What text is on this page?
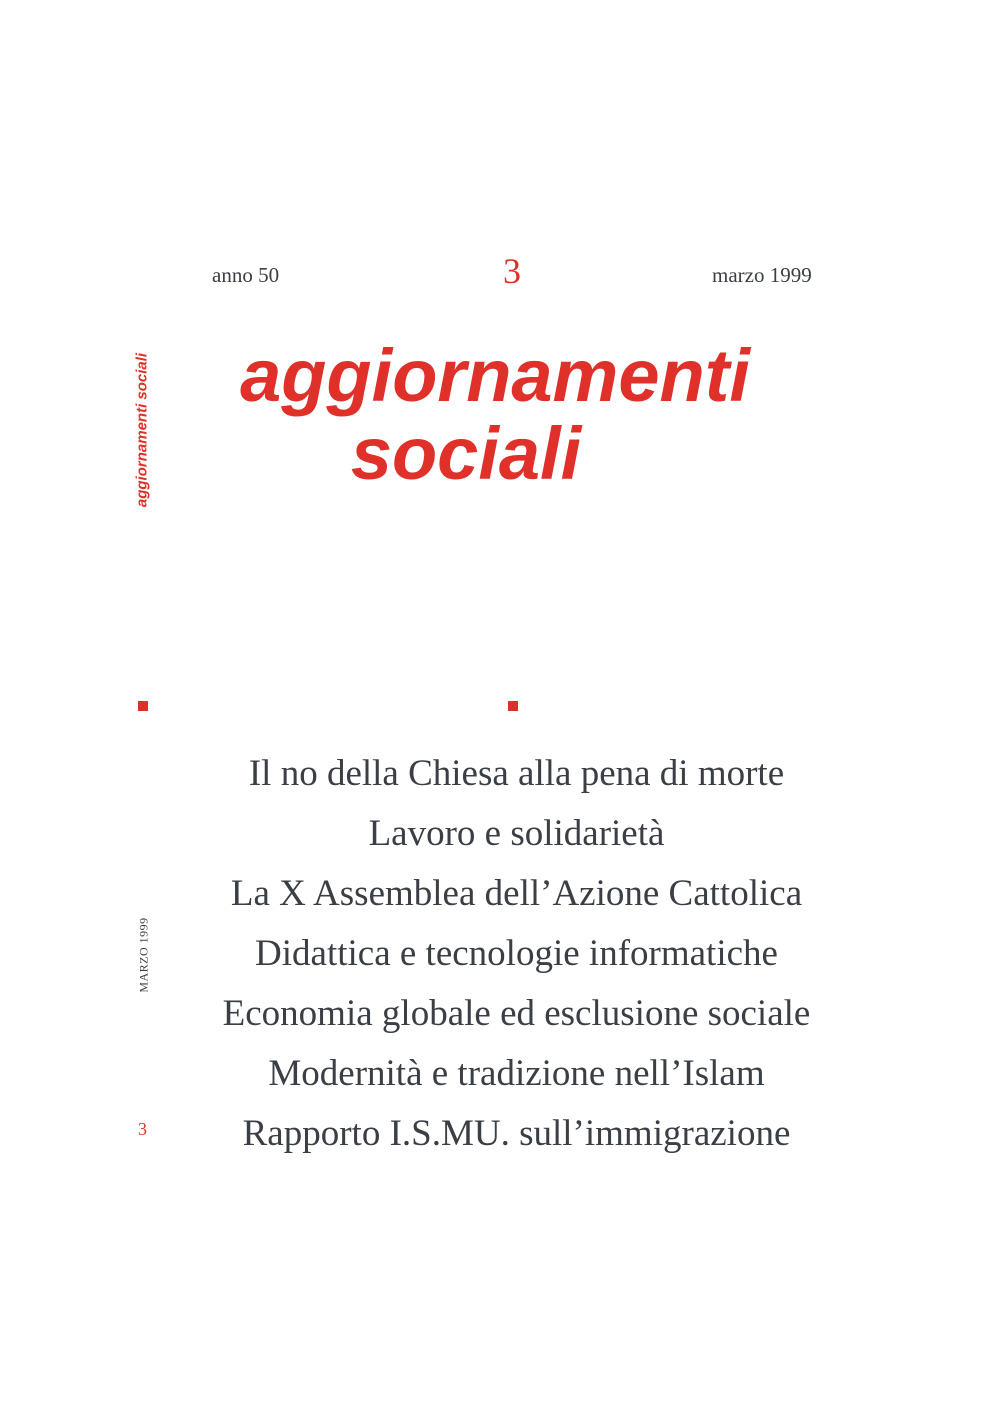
anno 50	3	marzo 1999
aggiornamenti
sociali
aggiornamenti sociali
MARZO 1999
3
Il no della Chiesa alla pena di morte
Lavoro e solidarietà
La X Assemblea dell’Azione Cattolica
Didattica e tecnologie informatiche
Economia globale ed esclusione sociale
Modernità e tradizione nell’Islam
Rapporto I.S.MU. sull’immigrazione
